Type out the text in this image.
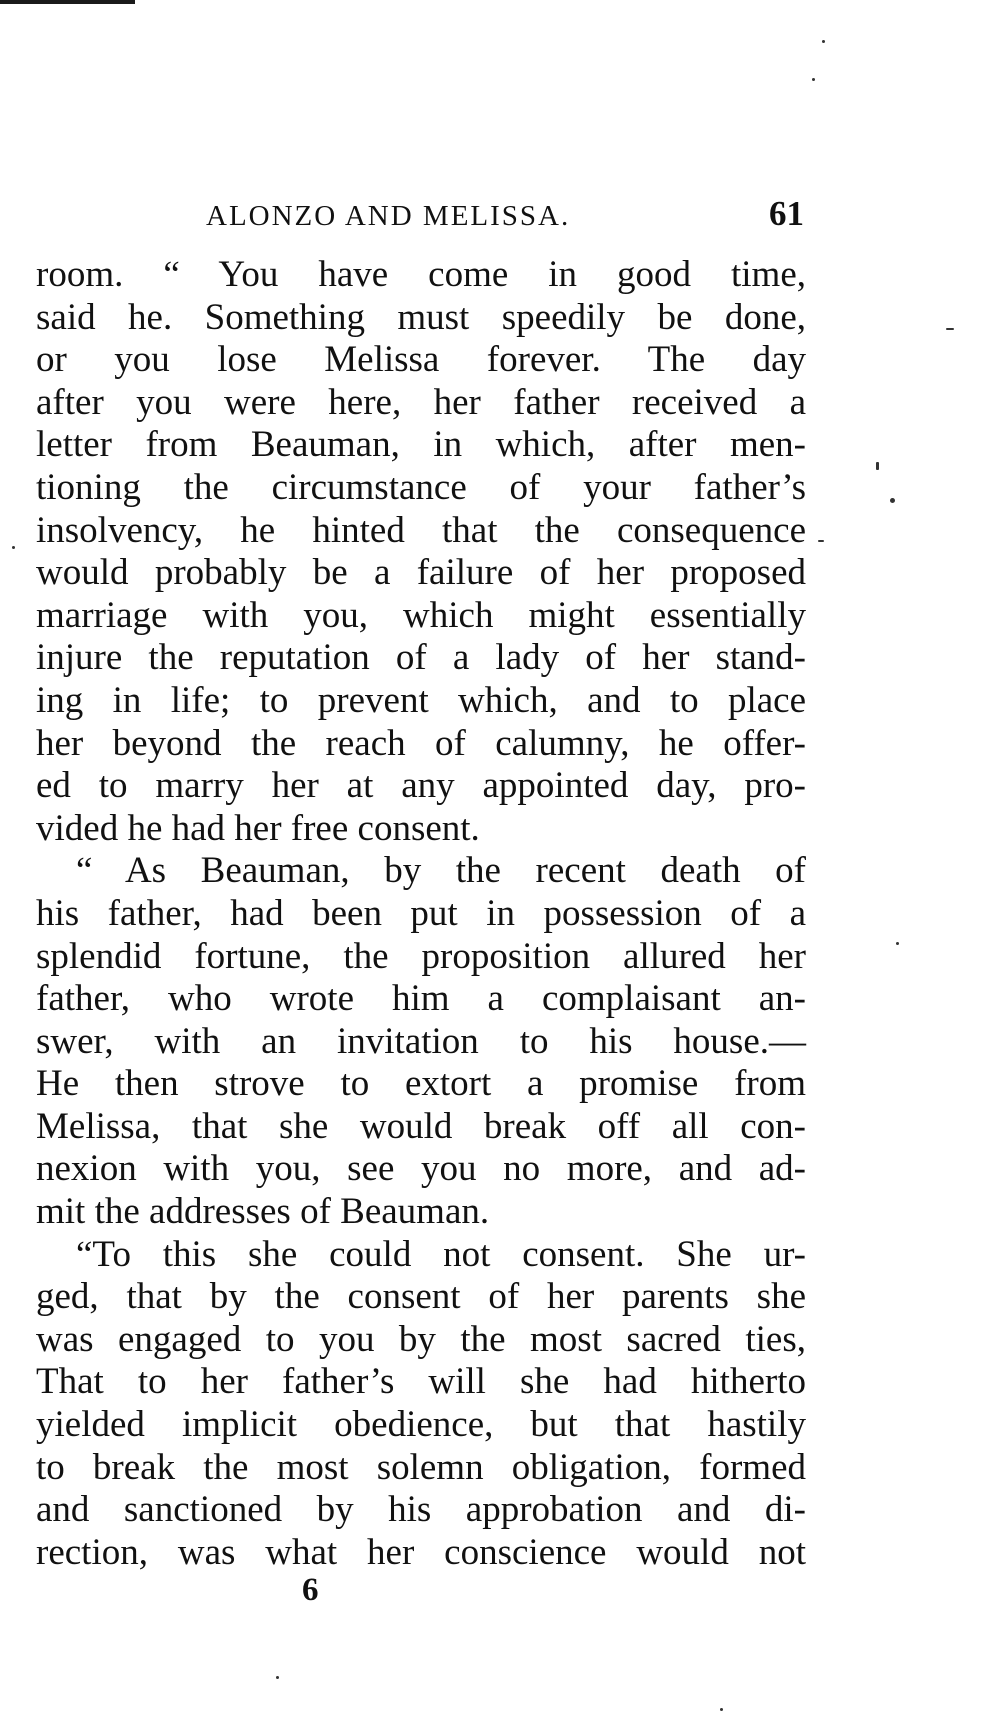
ALONZO AND MELISSA.	61
room. “ You have come in good time,
said he. Something must speedily be done,
or you lose Melissa forever. The day
after you were here, her father received a
letter from Beauman, in which, after men-
tioning the circumstance of your father’s
insolvency, he hinted that the consequence
would probably be a failure of her proposed
marriage with you, which might essentially
injure the reputation of a lady of her stand-
ing in life; to prevent which, and to place
her beyond the reach of calumny, he offer-
ed to marry her at any appointed day, pro-
vided he had her free consent.
“ As Beauman, by the recent death of
his father, had been put in possession of a
splendid fortune, the proposition allured her
father, who wrote him a complaisant an-
swer, with an invitation to his house.—
He then strove to extort a promise from
Melissa, that she would break off all con-
nexion with you, see you no more, and ad-
mit the addresses of Beauman.
“To this she could not consent. She ur-
ged, that by the consent of her parents she
was engaged to you by the most sacred ties,
That to her father’s will she had hitherto
yielded implicit obedience, but that hastily
to break the most solemn obligation, formed
and sanctioned by his approbation and di-
rection, was what her conscience would not
6
